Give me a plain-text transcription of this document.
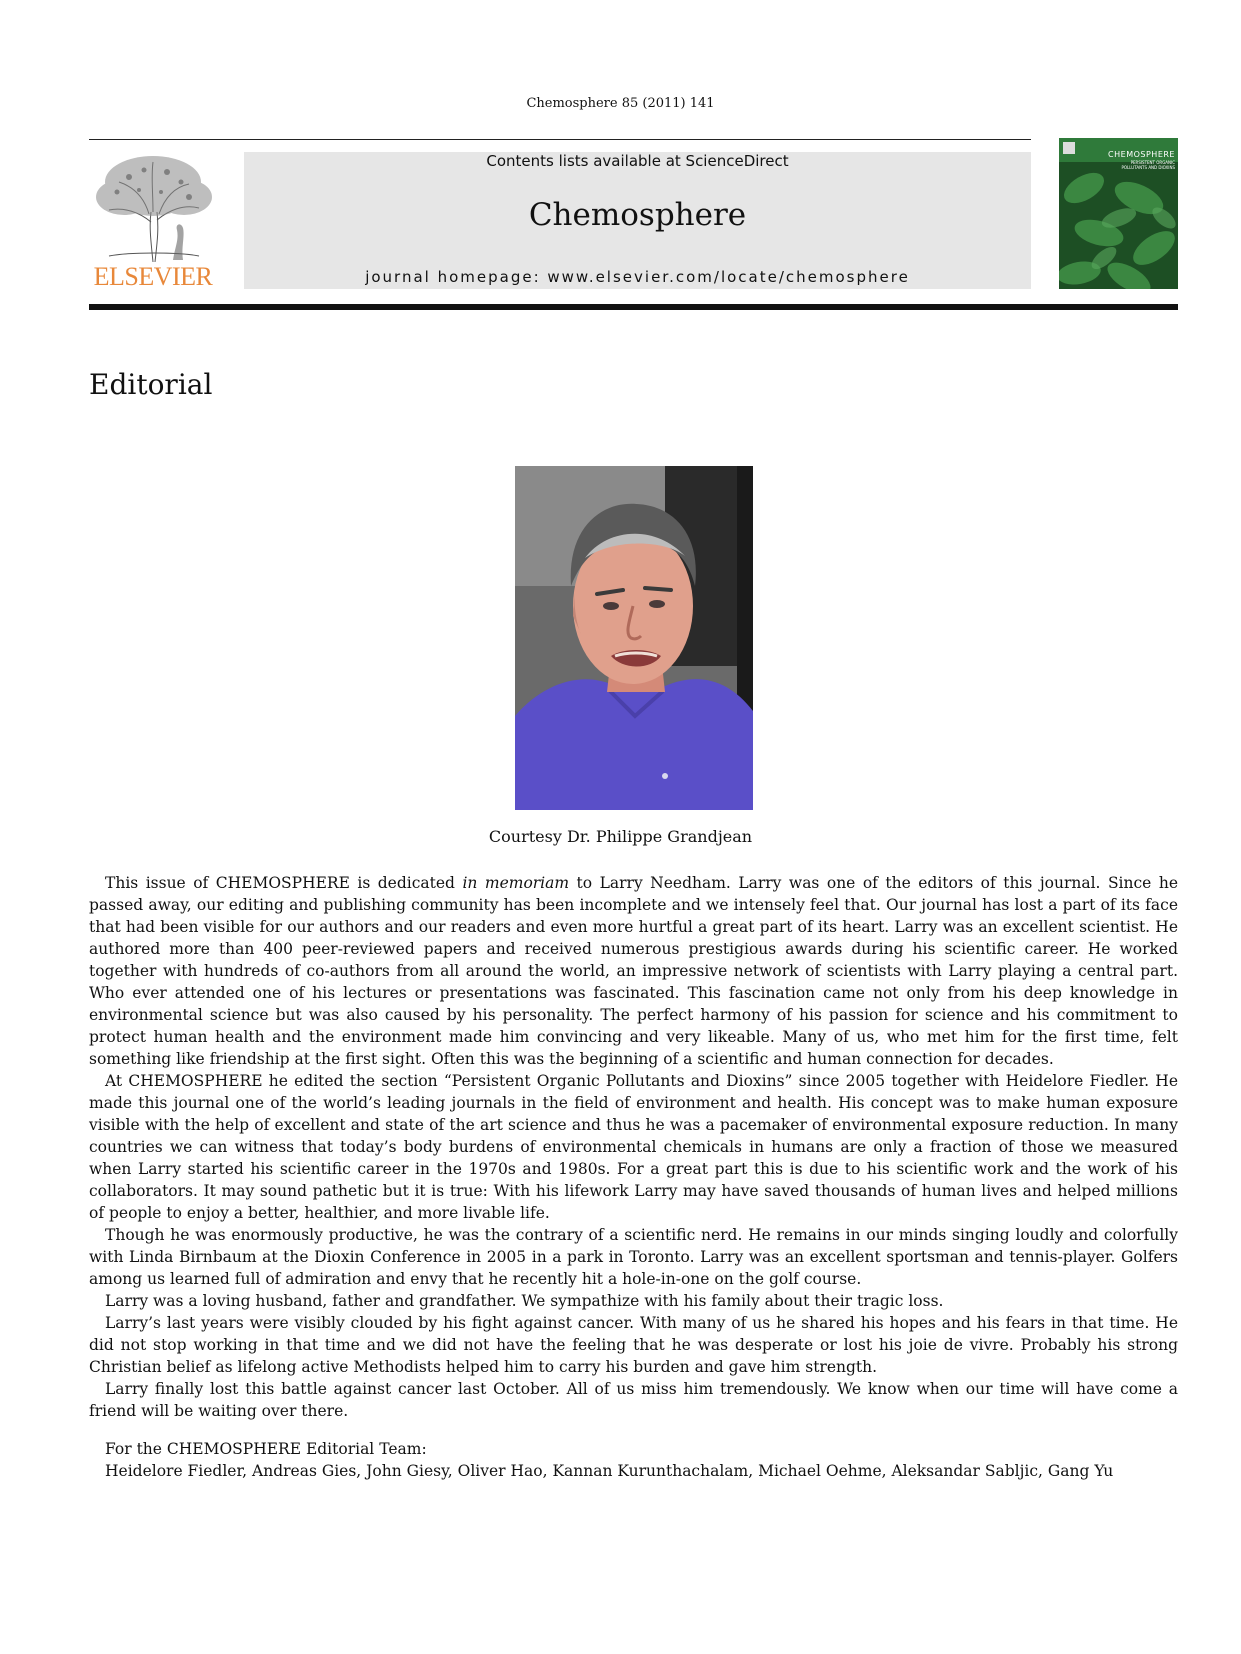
Chemosphere 85 (2011) 141
ELSEVIER
Contents lists available at ScienceDirect
Chemosphere
journal homepage: www.elsevier.com/locate/chemosphere
CHEMOSPHERE
PERSISTENT ORGANIC POLLUTANTS AND DIOXINS
Editorial
Courtesy Dr. Philippe Grandjean

This issue of CHEMOSPHERE is dedicated in memoriam to Larry Needham. Larry was one of the editors of this journal. Since he passed away, our editing and publishing community has been incomplete and we intensely feel that. Our journal has lost a part of its face that had been visible for our authors and our readers and even more hurtful a great part of its heart. Larry was an excellent scientist. He authored more than 400 peer-reviewed papers and received numerous prestigious awards during his scientific career. He worked together with hundreds of co-authors from all around the world, an impressive network of scientists with Larry playing a central part. Who ever attended one of his lectures or presentations was fascinated. This fascination came not only from his deep knowledge in environmental science but was also caused by his personality. The perfect harmony of his passion for science and his commitment to protect human health and the environment made him convincing and very likeable. Many of us, who met him for the first time, felt something like friendship at the first sight. Often this was the beginning of a scientific and human connection for decades.

At CHEMOSPHERE he edited the section “Persistent Organic Pollutants and Dioxins” since 2005 together with Heidelore Fiedler. He made this journal one of the world’s leading journals in the field of environment and health. His concept was to make human exposure visible with the help of excellent and state of the art science and thus he was a pacemaker of environmental exposure reduction. In many countries we can witness that today’s body burdens of environmental chemicals in humans are only a fraction of those we measured when Larry started his scientific career in the 1970s and 1980s. For a great part this is due to his scientific work and the work of his collaborators. It may sound pathetic but it is true: With his lifework Larry may have saved thousands of human lives and helped millions of people to enjoy a better, healthier, and more livable life.

Though he was enormously productive, he was the contrary of a scientific nerd. He remains in our minds singing loudly and colorfully with Linda Birnbaum at the Dioxin Conference in 2005 in a park in Toronto. Larry was an excellent sportsman and tennis-player. Golfers among us learned full of admiration and envy that he recently hit a hole-in-one on the golf course.

Larry was a loving husband, father and grandfather. We sympathize with his family about their tragic loss.

Larry’s last years were visibly clouded by his fight against cancer. With many of us he shared his hopes and his fears in that time. He did not stop working in that time and we did not have the feeling that he was desperate or lost his joie de vivre. Probably his strong Christian belief as lifelong active Methodists helped him to carry his burden and gave him strength.

Larry finally lost this battle against cancer last October. All of us miss him tremendously. We know when our time will have come a friend will be waiting over there.

For the CHEMOSPHERE Editorial Team:
Heidelore Fiedler, Andreas Gies, John Giesy, Oliver Hao, Kannan Kurunthachalam, Michael Oehme, Aleksandar Sabljic, Gang Yu
